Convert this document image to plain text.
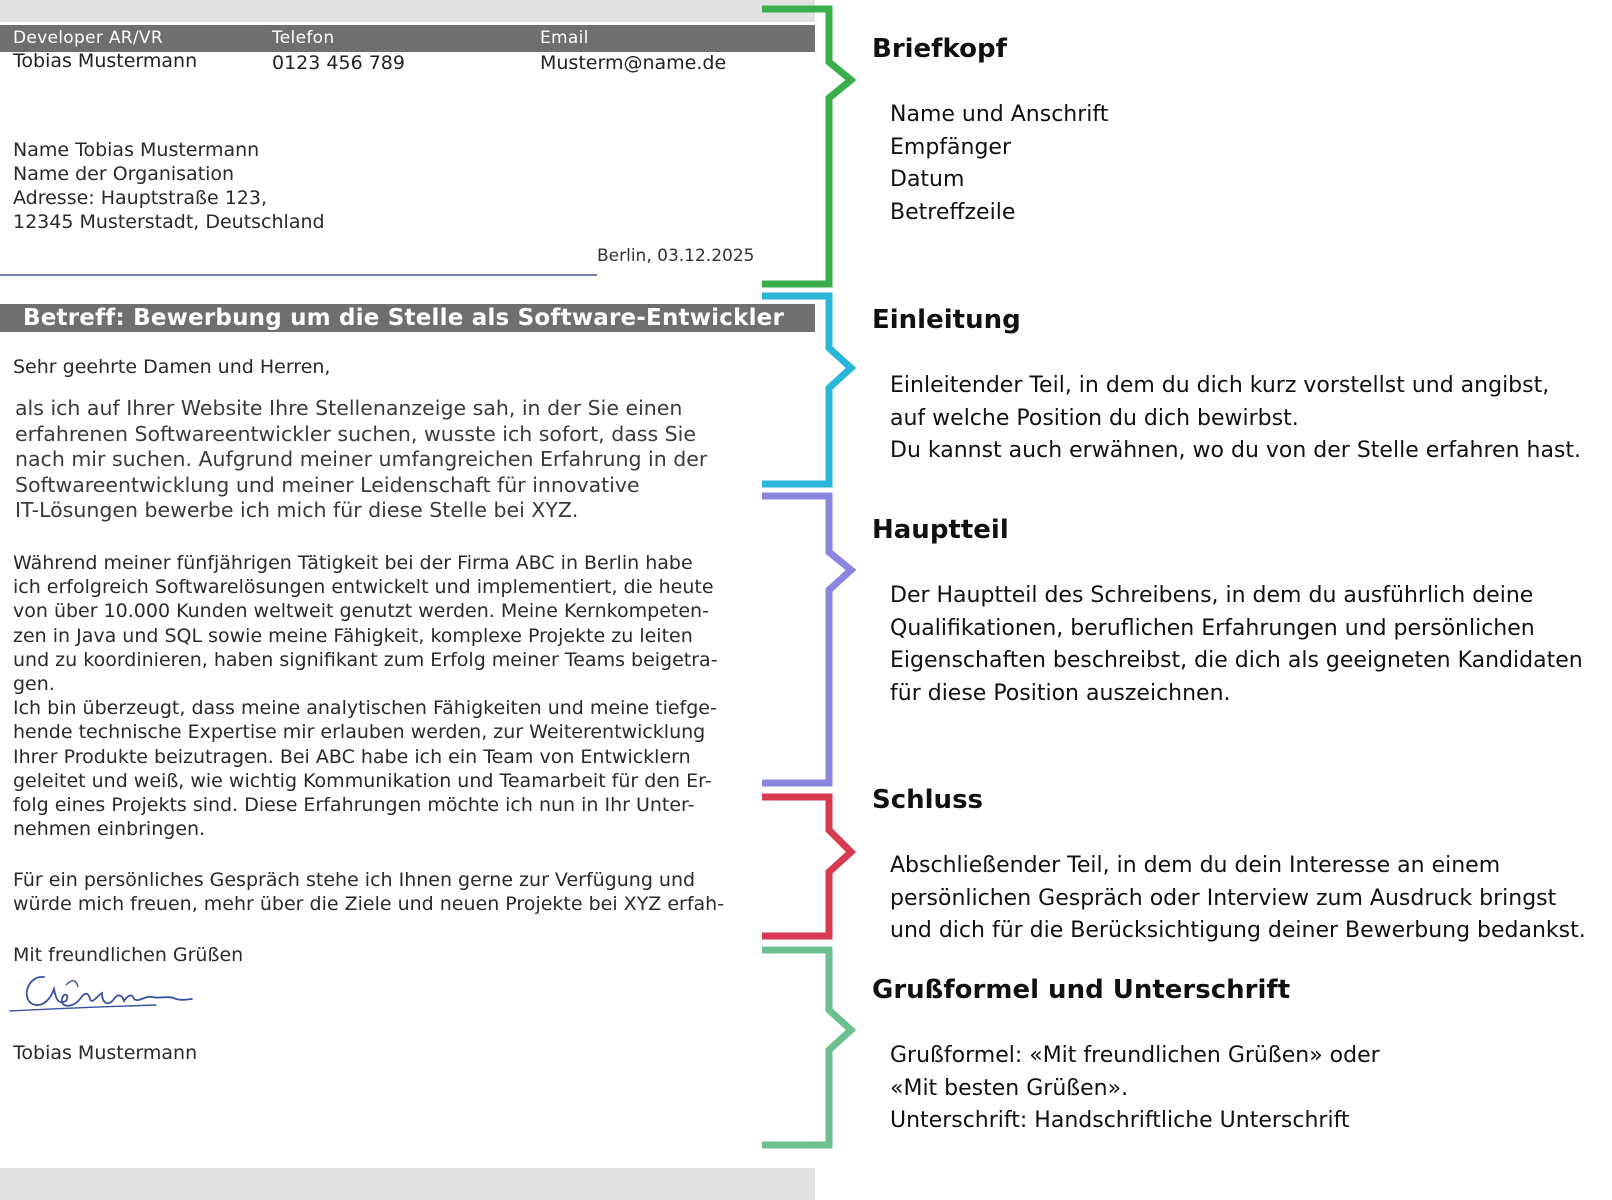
Developer AR/VR	Telefon	Email
Tobias Mustermann	0123 456 789	Musterm@name.de
Name Tobias Mustermann
Name der Organisation
Adresse: Hauptstraße 123,
12345 Musterstadt, Deutschland
Berlin, 03.12.2025
Betreff: Bewerbung um die Stelle als Software-Entwickler
Sehr geehrte Damen und Herren,
als ich auf Ihrer Website Ihre Stellenanzeige sah, in der Sie einen
erfahrenen Softwareentwickler suchen, wusste ich sofort, dass Sie
nach mir suchen. Aufgrund meiner umfangreichen Erfahrung in der
Softwareentwicklung und meiner Leidenschaft für innovative
IT-Lösungen bewerbe ich mich für diese Stelle bei XYZ.
Während meiner fünfjährigen Tätigkeit bei der Firma ABC in Berlin habe
ich erfolgreich Softwarelösungen entwickelt und implementiert, die heute
von über 10.000 Kunden weltweit genutzt werden. Meine Kernkompeten-
zen in Java und SQL sowie meine Fähigkeit, komplexe Projekte zu leiten
und zu koordinieren, haben signifikant zum Erfolg meiner Teams beigetra-
gen.
Ich bin überzeugt, dass meine analytischen Fähigkeiten und meine tiefge-
hende technische Expertise mir erlauben werden, zur Weiterentwicklung
Ihrer Produkte beizutragen. Bei ABC habe ich ein Team von Entwicklern
geleitet und weiß, wie wichtig Kommunikation und Teamarbeit für den Er-
folg eines Projekts sind. Diese Erfahrungen möchte ich nun in Ihr Unter-
nehmen einbringen.
Für ein persönliches Gespräch stehe ich Ihnen gerne zur Verfügung und
würde mich freuen, mehr über die Ziele und neuen Projekte bei XYZ erfah-
Mit freundlichen Grüßen
Tobias Mustermann
Briefkopf
Name und Anschrift
Empfänger
Datum
Betreffzeile
Einleitung
Einleitender Teil, in dem du dich kurz vorstellst und angibst,
auf welche Position du dich bewirbst.
Du kannst auch erwähnen, wo du von der Stelle erfahren hast.
Hauptteil
Der Hauptteil des Schreibens, in dem du ausführlich deine
Qualifikationen, beruflichen Erfahrungen und persönlichen
Eigenschaften beschreibst, die dich als geeigneten Kandidaten
für diese Position auszeichnen.
Schluss
Abschließender Teil, in dem du dein Interesse an einem
persönlichen Gespräch oder Interview zum Ausdruck bringst
und dich für die Berücksichtigung deiner Bewerbung bedankst.
Grußformel und Unterschrift
Grußformel: «Mit freundlichen Grüßen» oder
«Mit besten Grüßen».
Unterschrift: Handschriftliche Unterschrift
